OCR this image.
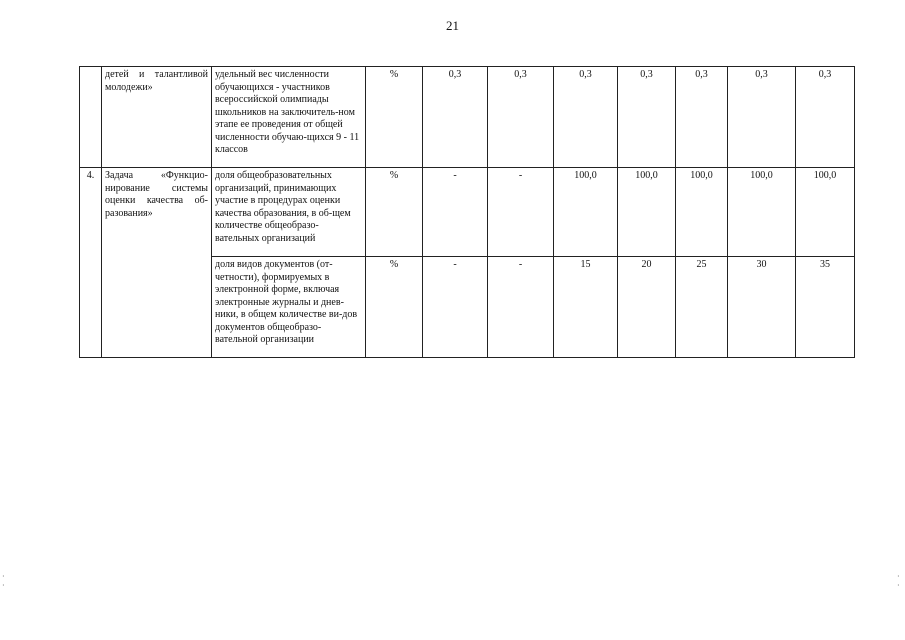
21
	детей и талантливой молодежи»	удельный вес численности обучающихся - участников всероссийской олимпиады школьников на заключитель-ном этапе ее проведения от общей численности обучаю-щихся 9 - 11 классов	%	0,3	0,3	0,3	0,3	0,3	0,3	0,3
4.	Задача «Функцио-нирование системы оценки качества об-разования»	доля общеобразовательных организаций, принимающих участие в процедурах оценки качества образования, в об-щем количестве общеобразо-вательных организаций	%	-	-	100,0	100,0	100,0	100,0	100,0
		доля видов документов (от-четности), формируемых в электронной форме, включая электронные журналы и днев-ники, в общем количестве ви-дов документов общеобразо-вательной организации	%	-	-	15	20	25	30	35
·
·
·
·
